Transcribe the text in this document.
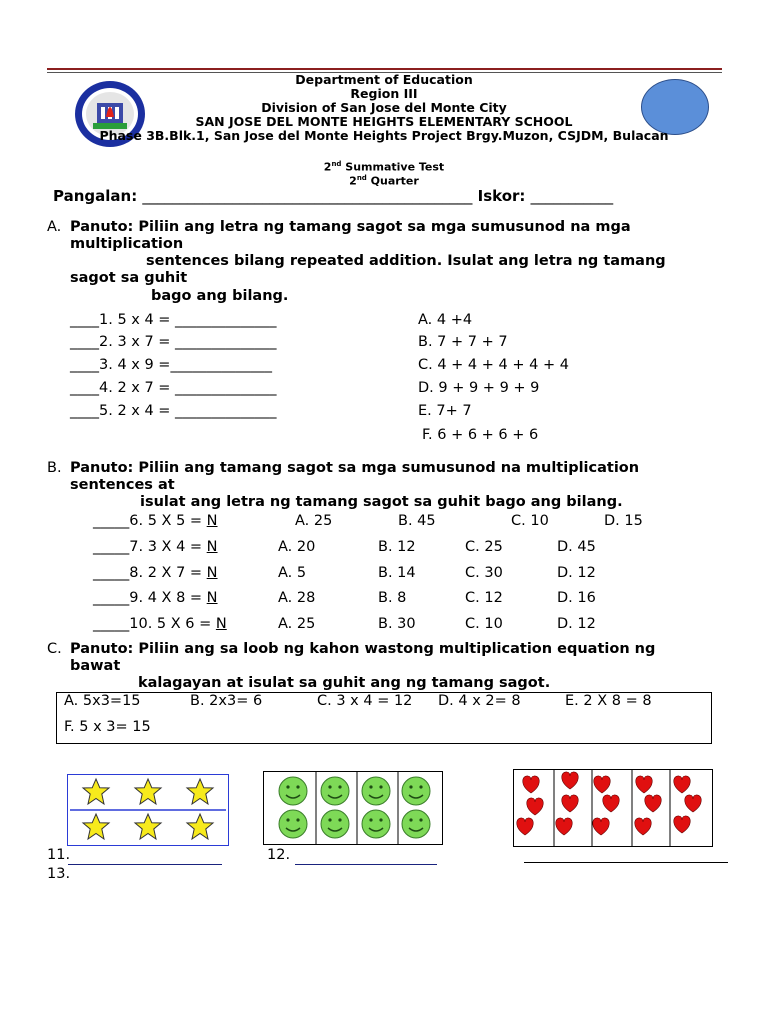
Department of Education
Region III
Division of San Jose del Monte City
SAN JOSE DEL MONTE HEIGHTS ELEMENTARY SCHOOL
Phase 3B.Blk.1, San Jose del Monte Heights Project Brgy.Muzon, CSJDM, Bulacan
2nd Summative Test
2nd Quarter
Pangalan: ____________________________________________ Iskor: ___________
A. Panuto: Piliin ang letra ng tamang sagot sa mga sumusunod na mga
multiplication
sentences bilang repeated addition. Isulat ang letra ng tamang
sagot sa guhit
bago ang bilang.
____1. 5 x 4 = ______________
____2. 3 x 7 = ______________
____3. 4 x 9 =______________
____4. 2 x 7 = ______________
____5. 2 x 4 = ______________
A. 4 +4
B. 7 + 7 + 7
C. 4 + 4 + 4 + 4 + 4
D. 9 + 9 + 9 + 9
E. 7+ 7
F. 6 + 6 + 6 + 6
B. Panuto: Piliin ang tamang sagot sa mga sumusunod na multiplication
sentences at
isulat ang letra ng tamang sagot sa guhit bago ang bilang.
_____6. 5 X 5 = N	A. 25	B. 45	C. 10	D. 15
_____7. 3 X 4 = N	A. 20	B. 12	C. 25	D. 45
_____8. 2 X 7 = N	A. 5	B. 14	C. 30	D. 12
_____9. 4 X 8 = N	A. 28	B. 8	C. 12	D. 16
_____10. 5 X 6 = N	A. 25	B. 30	C. 10	D. 12
C. Panuto: Piliin ang sa loob ng kahon wastong multiplication equation ng
bawat
kalagayan at isulat sa guhit ang ng tamang sagot.
A. 5x3=15	B. 2x3= 6	C. 3 x 4 = 12 D. 4 x 2= 8	E. 2 X 8 = 8
F. 5 x 3= 15
11.	12.
13.
